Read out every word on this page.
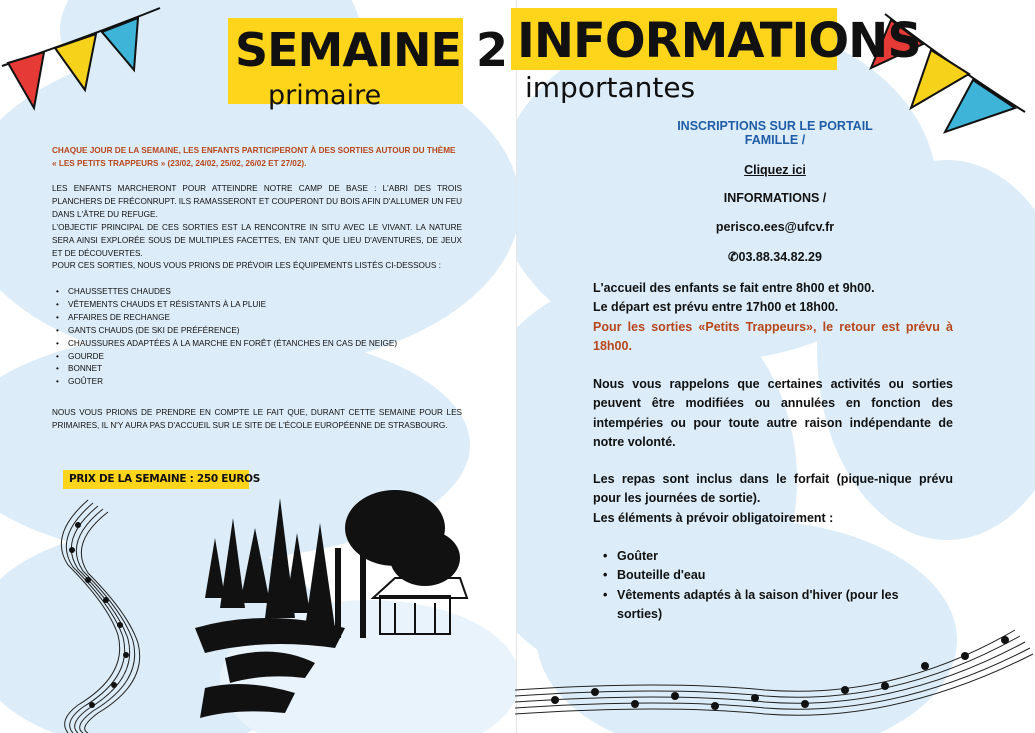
SEMAINE 2
primaire
CHAQUE JOUR DE LA SEMAINE, LES ENFANTS PARTICIPERONT À DES SORTIES AUTOUR DU THÈME « LES PETITS TRAPPEURS » (23/02, 24/02, 25/02, 26/02 ET 27/02).
LES ENFANTS MARCHERONT POUR ATTEINDRE NOTRE CAMP DE BASE : L'ABRI DES TROIS PLANCHERS DE FRÉCONRUPT. ILS RAMASSERONT ET COUPERONT DU BOIS AFIN D'ALLUMER UN FEU DANS L'ÂTRE DU REFUGE.
L'OBJECTIF PRINCIPAL DE CES SORTIES EST LA RENCONTRE IN SITU AVEC LE VIVANT. LA NATURE SERA AINSI EXPLORÉE SOUS DE MULTIPLES FACETTES, EN TANT QUE LIEU D'AVENTURES, DE JEUX ET DE DÉCOUVERTES.
POUR CES SORTIES, NOUS VOUS PRIONS DE PRÉVOIR LES ÉQUIPEMENTS LISTÉS CI-DESSOUS :
• CHAUSSETTES CHAUDES
• VÊTEMENTS CHAUDS ET RÉSISTANTS À LA PLUIE
• AFFAIRES DE RECHANGE
• GANTS CHAUDS (DE SKI DE PRÉFÉRENCE)
• CHAUSSURES ADAPTÉES À LA MARCHE EN FORÊT (ÉTANCHES EN CAS DE NEIGE)
• GOURDE
• BONNET
• GOÛTER
NOUS VOUS PRIONS DE PRENDRE EN COMPTE LE FAIT QUE, DURANT CETTE SEMAINE POUR LES PRIMAIRES, IL N'Y AURA PAS D'ACCUEIL SUR LE SITE DE L'ÉCOLE EUROPÉENNE DE STRASBOURG.
PRIX DE LA SEMAINE : 250 EUROS
INFORMATIONS
importantes
INSCRIPTIONS SUR LE PORTAIL
FAMILLE /
Cliquez ici
INFORMATIONS /
perisco.ees@ufcv.fr
✆03.88.34.82.29
L'accueil des enfants se fait entre 8h00 et 9h00.
Le départ est prévu entre 17h00 et 18h00.
Pour les sorties «Petits Trappeurs», le retour est prévu à 18h00.
Nous vous rappelons que certaines activités ou sorties peuvent être modifiées ou annulées en fonction des intempéries ou pour toute autre raison indépendante de notre volonté.
Les repas sont inclus dans le forfait (pique-nique prévu pour les journées de sortie).
Les éléments à prévoir obligatoirement :
• Goûter
• Bouteille d'eau
• Vêtements adaptés à la saison d'hiver (pour les sorties)
